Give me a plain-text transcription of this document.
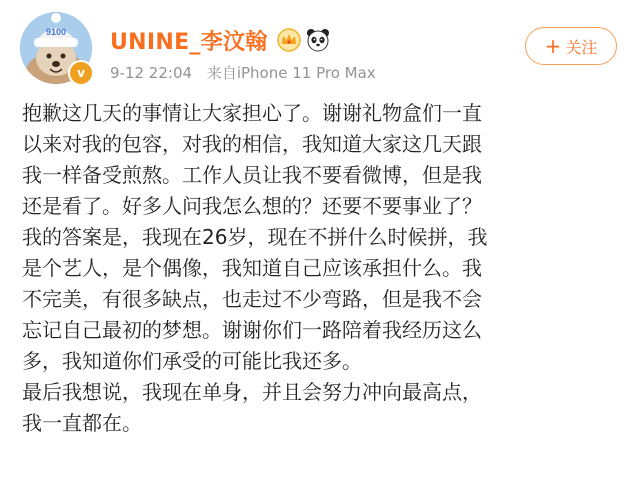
9100
v
UNINE_李汶翰
9-12 22:04 来自iPhone 11 Pro Max
+ 关注

抱歉这几天的事情让大家担心了。谢谢礼物盒们一直
以来对我的包容，对我的相信，我知道大家这几天跟
我一样备受煎熬。工作人员让我不要看微博，但是我
还是看了。好多人问我怎么想的？还要不要事业了？
我的答案是，我现在26岁，现在不拼什么时候拼，我
是个艺人，是个偶像，我知道自己应该承担什么。我
不完美，有很多缺点，也走过不少弯路，但是我不会
忘记自己最初的梦想。谢谢你们一路陪着我经历这么
多，我知道你们承受的可能比我还多。

最后我想说，我现在单身，并且会努力冲向最高点，
我一直都在。
